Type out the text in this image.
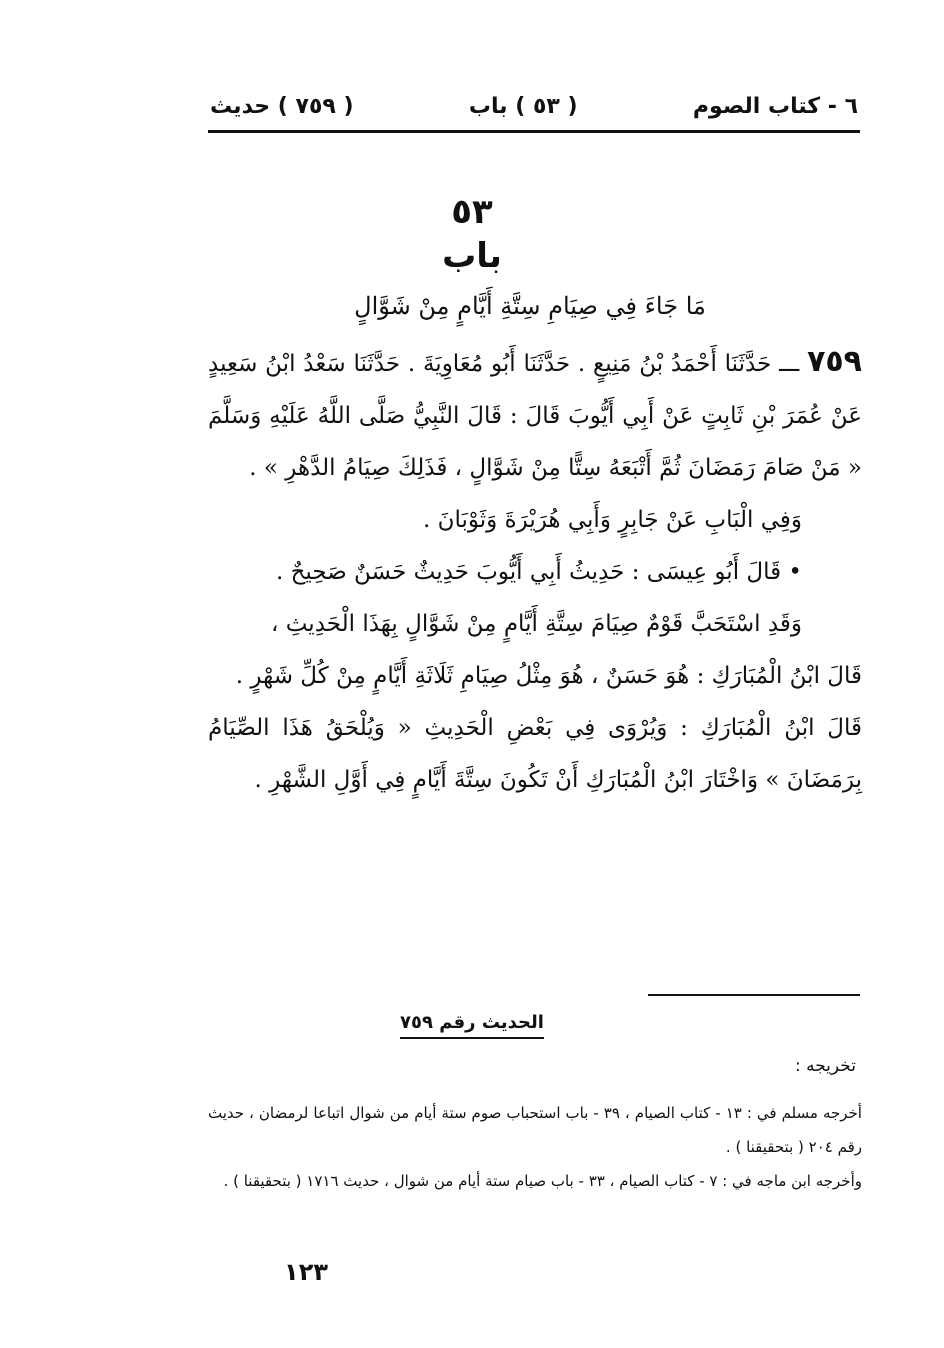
٦ - كتاب الصوم
( ٥٣ ) باب
( ٧٥٩ ) حديث
٥٣
باب
مَا جَاءَ فِي صِيَامِ سِتَّةِ أَيَّامٍ مِنْ شَوَّالٍ

٧٥٩ ـــ حَدَّثَنَا أَحْمَدُ بْنُ مَنِيعٍ . حَدَّثَنَا أَبُو مُعَاوِيَةَ . حَدَّثَنَا سَعْدُ ابْنُ سَعِيدٍ عَنْ عُمَرَ بْنِ ثَابِتٍ عَنْ أَبِي أَيُّوبَ قَالَ : قَالَ النَّبِيُّ صَلَّى اللَّهُ عَلَيْهِ وَسَلَّمَ « مَنْ صَامَ رَمَضَانَ ثُمَّ أَتْبَعَهُ سِتًّا مِنْ شَوَّالٍ ، فَذَلِكَ صِيَامُ الدَّهْرِ » .

وَفِي الْبَابِ عَنْ جَابِرٍ وَأَبِي هُرَيْرَةَ وَثَوْبَانَ .

• قَالَ أَبُو عِيسَى : حَدِيثُ أَبِي أَيُّوبَ حَدِيثٌ حَسَنٌ صَحِيحٌ .

وَقَدِ اسْتَحَبَّ قَوْمٌ صِيَامَ سِتَّةِ أَيَّامٍ مِنْ شَوَّالٍ بِهَذَا الْحَدِيثِ ،

قَالَ ابْنُ الْمُبَارَكِ : هُوَ حَسَنٌ ، هُوَ مِثْلُ صِيَامِ ثَلَاثَةِ أَيَّامٍ مِنْ كُلِّ شَهْرٍ .

قَالَ ابْنُ الْمُبَارَكِ : وَيُرْوَى فِي بَعْضِ الْحَدِيثِ « وَيُلْحَقُ هَذَا الصِّيَامُ بِرَمَضَانَ » وَاخْتَارَ ابْنُ الْمُبَارَكِ أَنْ تَكُونَ سِتَّةَ أَيَّامٍ فِي أَوَّلِ الشَّهْرِ .

الحديث رقم ٧٥٩
تخريجه :

أخرجه مسلم في : ١٣ - كتاب الصيام ، ٣٩ - باب استحباب صوم ستة أيام من شوال اتباعا لرمضان ، حديث رقم ٢٠٤ ( بتحقيقنا ) .

وأخرجه ابن ماجه في : ٧ - كتاب الصيام ، ٣٣ - باب صيام ستة أيام من شوال ، حديث ١٧١٦ ( بتحقيقنا ) .

١٢٣
